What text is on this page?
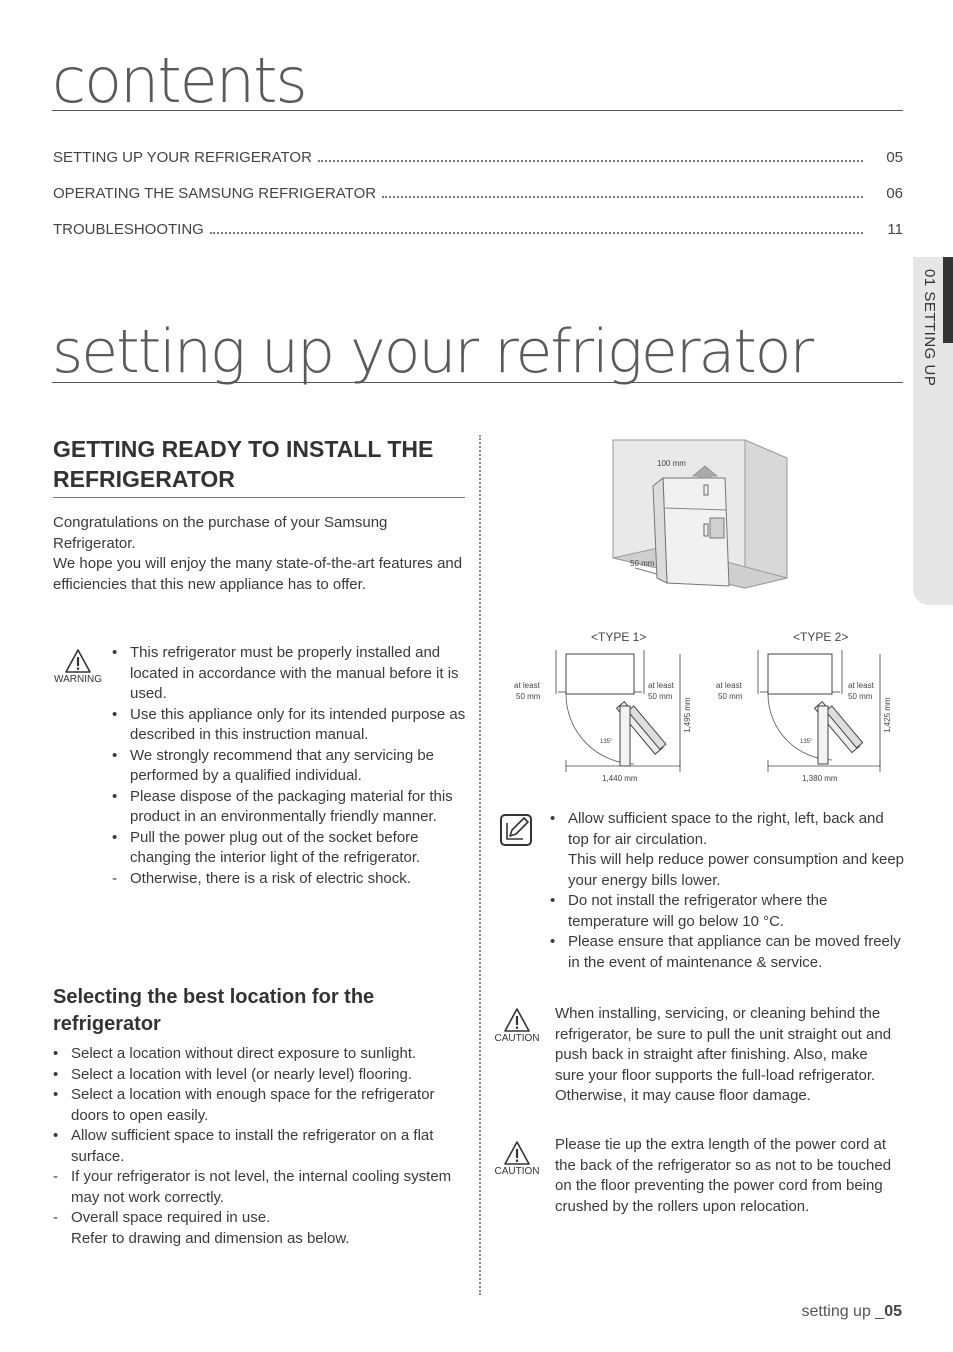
contents
SETTING UP YOUR REFRIGERATOR	05
OPERATING THE SAMSUNG REFRIGERATOR	06
TROUBLESHOOTING	11
01 SETTING UP
setting up your refrigerator
GETTING READY TO INSTALL THE REFRIGERATOR
Congratulations on the purchase of your Samsung Refrigerator.
We hope you will enjoy the many state-of-the-art features and efficiencies that this new appliance has to offer.
WARNING
• This refrigerator must be properly installed and located in accordance with the manual before it is used.
• Use this appliance only for its intended purpose as described in this instruction manual.
• We strongly recommend that any servicing be performed by a qualified individual.
• Please dispose of the packaging material for this product in an environmentally friendly manner.
• Pull the power plug out of the socket before changing the interior light of the refrigerator.
- Otherwise, there is a risk of electric shock.
Selecting the best location for the refrigerator
• Select a location without direct exposure to sunlight.
• Select a location with level (or nearly level) flooring.
• Select a location with enough space for the refrigerator doors to open easily.
• Allow sufficient space to install the refrigerator on a flat surface.
- If your refrigerator is not level, the internal cooling system may not work correctly.
- Overall space required in use.
Refer to drawing and dimension as below.
100 mm
50 mm
<TYPE 1>
at least
50 mm
at least
50 mm
135°
1,440 mm
1,495 mm
<TYPE 2>
at least
50 mm
at least
50 mm
135°
1,380 mm
1,425 mm
• Allow sufficient space to the right, left, back and top for air circulation.
This will help reduce power consumption and keep your energy bills lower.
• Do not install the refrigerator where the temperature will go below 10 °C.
• Please ensure that appliance can be moved freely in the event of maintenance & service.
CAUTION
When installing, servicing, or cleaning behind the refrigerator, be sure to pull the unit straight out and push back in straight after finishing. Also, make sure your floor supports the full-load refrigerator.
Otherwise, it may cause floor damage.
CAUTION
Please tie up the extra length of the power cord at the back of the refrigerator so as not to be touched on the floor preventing the power cord from being crushed by the rollers upon relocation.
setting up _05
